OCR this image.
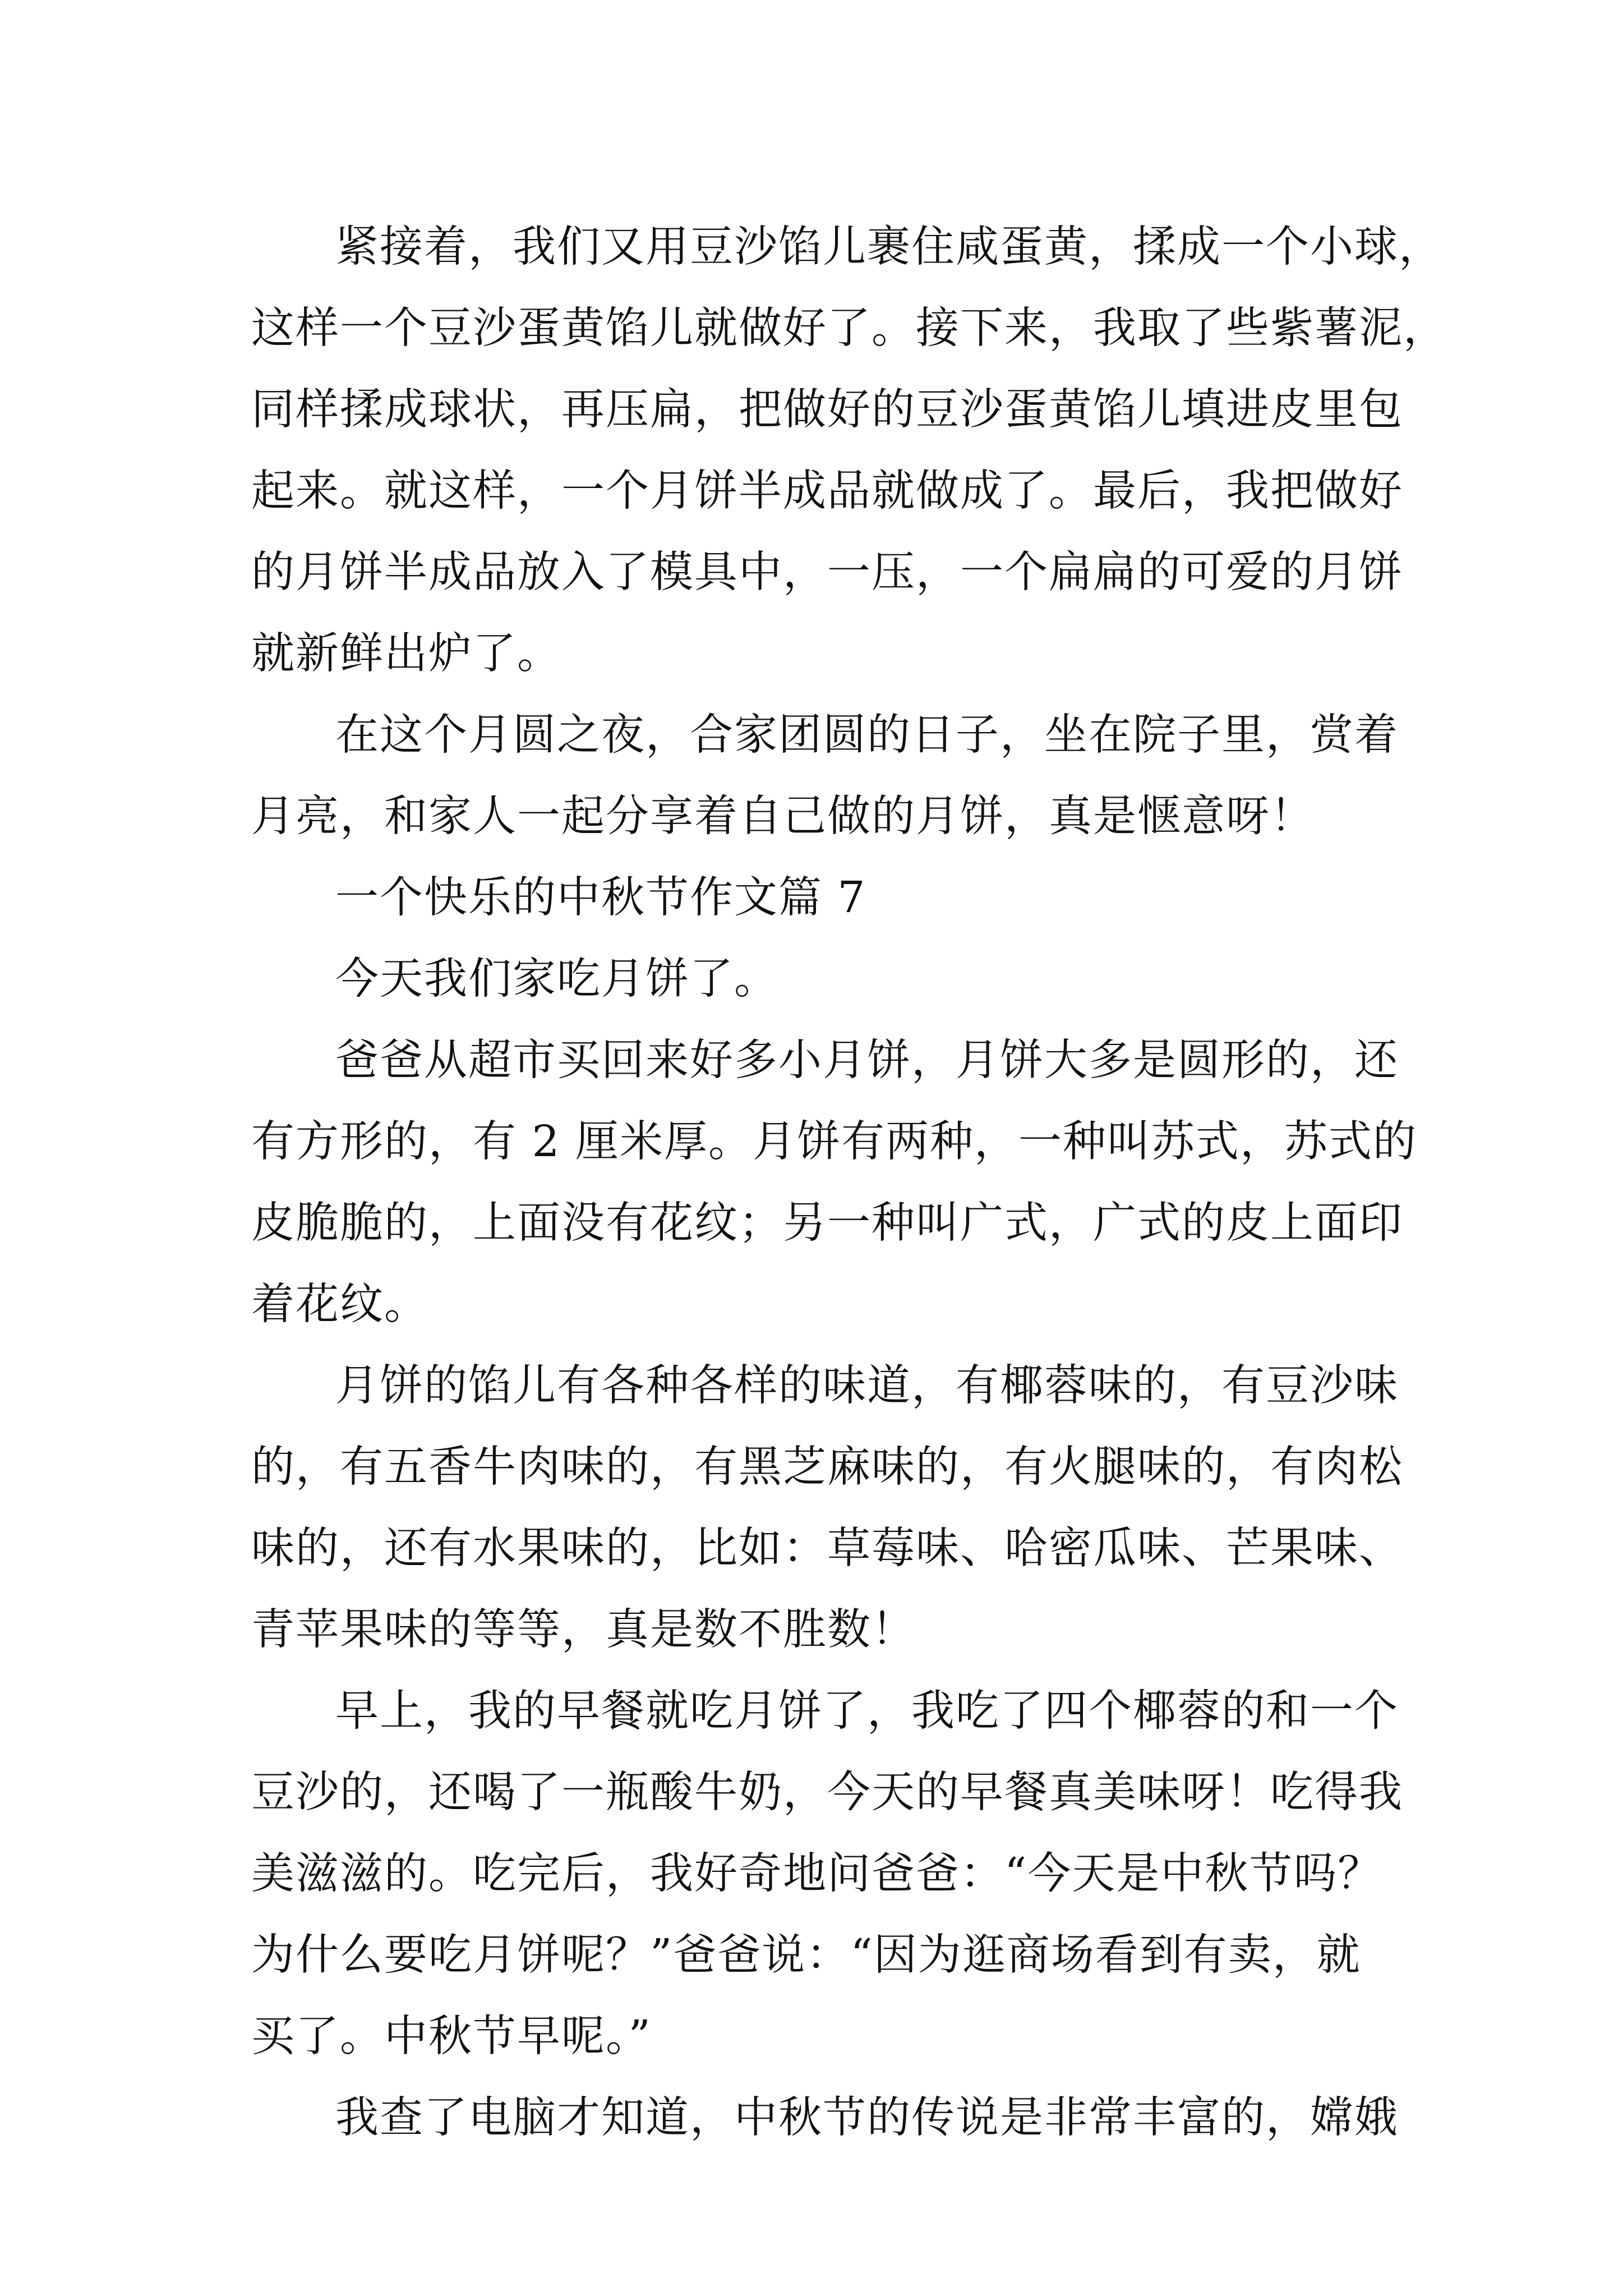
紧接着，我们又用豆沙馅儿裹住咸蛋黄，揉成一个小球，
这样一个豆沙蛋黄馅儿就做好了。接下来，我取了些紫薯泥，
同样揉成球状，再压扁，把做好的豆沙蛋黄馅儿填进皮里包
起来。就这样，一个月饼半成品就做成了。最后，我把做好
的月饼半成品放入了模具中，一压，一个扁扁的可爱的月饼
就新鲜出炉了。
在这个月圆之夜，合家团圆的日子，坐在院子里，赏着
月亮，和家人一起分享着自己做的月饼，真是惬意呀！
一个快乐的中秋节作文篇 7
今天我们家吃月饼了。
爸爸从超市买回来好多小月饼，月饼大多是圆形的，还
有方形的，有 2 厘米厚。月饼有两种，一种叫苏式，苏式的
皮脆脆的，上面没有花纹；另一种叫广式，广式的皮上面印
着花纹。
月饼的馅儿有各种各样的味道，有椰蓉味的，有豆沙味
的，有五香牛肉味的，有黑芝麻味的，有火腿味的，有肉松
味的，还有水果味的，比如：草莓味、哈密瓜味、芒果味、
青苹果味的等等，真是数不胜数！
早上，我的早餐就吃月饼了，我吃了四个椰蓉的和一个
豆沙的，还喝了一瓶酸牛奶，今天的早餐真美味呀！吃得我
美滋滋的。吃完后，我好奇地问爸爸：“今天是中秋节吗？
为什么要吃月饼呢？”爸爸说：“因为逛商场看到有卖，就
买了。中秋节早呢。”
我查了电脑才知道，中秋节的传说是非常丰富的，嫦娥
